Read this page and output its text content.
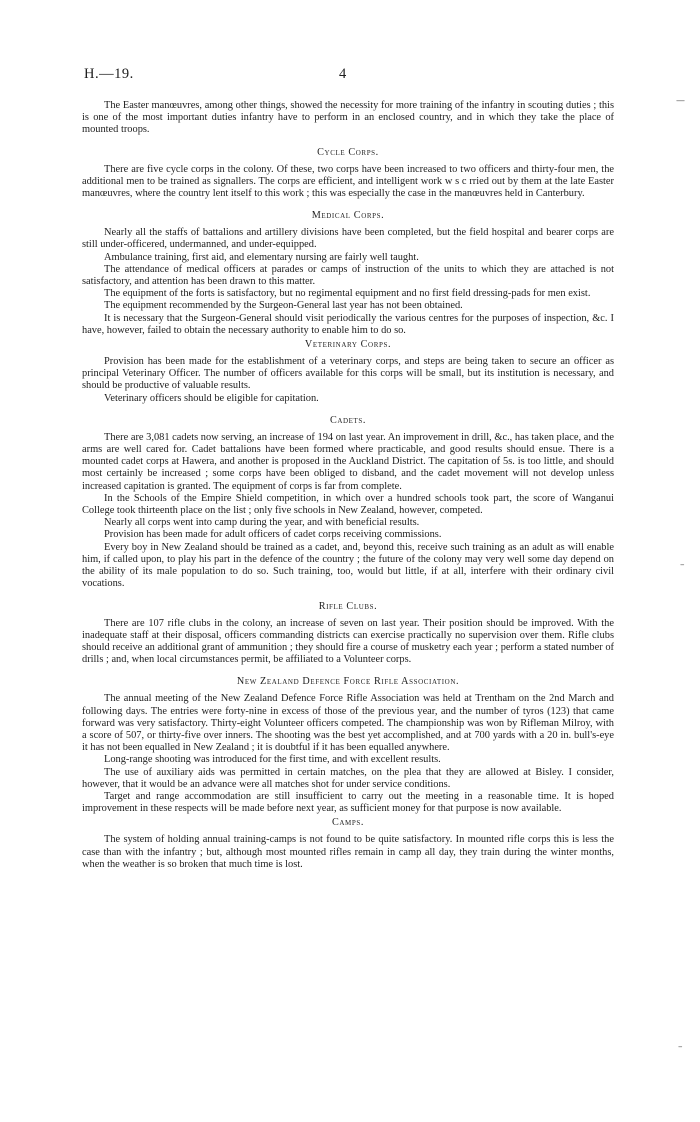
H.—19.	4

The Easter manœuvres, among other things, showed the necessity for more training of the infantry in scouting duties ; this is one of the most important duties infantry have to perform in an enclosed country, and in which they take the place of mounted troops.

Cycle Corps.

There are five cycle corps in the colony. Of these, two corps have been increased to two officers and thirty-four men, the additional men to be trained as signallers. The corps are efficient, and intelligent work w s c rried out by them at the late Easter manœuvres, where the country lent itself to this work ; this was especially the case in the manœuvres held in Canterbury.

Medical Corps.

Nearly all the staffs of battalions and artillery divisions have been completed, but the field hospital and bearer corps are still under-officered, undermanned, and under-equipped.

Ambulance training, first aid, and elementary nursing are fairly well taught.

The attendance of medical officers at parades or camps of instruction of the units to which they are attached is not satisfactory, and attention has been drawn to this matter.

The equipment of the forts is satisfactory, but no regimental equipment and no first field dressing-pads for men exist.

The equipment recommended by the Surgeon-General last year has not been obtained.

It is necessary that the Surgeon-General should visit periodically the various centres for the purposes of inspection, &c. I have, however, failed to obtain the necessary authority to enable him to do so.

Veterinary Corps.

Provision has been made for the establishment of a veterinary corps, and steps are being taken to secure an officer as principal Veterinary Officer. The number of officers available for this corps will be small, but its institution is necessary, and should be productive of valuable results.

Veterinary officers should be eligible for capitation.

Cadets.

There are 3,081 cadets now serving, an increase of 194 on last year. An improvement in drill, &c., has taken place, and the arms are well cared for. Cadet battalions have been formed where practicable, and good results should ensue. There is a mounted cadet corps at Hawera, and another is proposed in the Auckland District. The capitation of 5s. is too little, and should most certainly be increased ; some corps have been obliged to disband, and the cadet movement will not develop unless increased capitation is granted. The equipment of corps is far from complete.

In the Schools of the Empire Shield competition, in which over a hundred schools took part, the score of Wanganui College took thirteenth place on the list ; only five schools in New Zealand, however, competed.

Nearly all corps went into camp during the year, and with beneficial results.

Provision has been made for adult officers of cadet corps receiving commissions.

Every boy in New Zealand should be trained as a cadet, and, beyond this, receive such training as an adult as will enable him, if called upon, to play his part in the defence of the country ; the future of the colony may very well some day depend on the ability of its male population to do so. Such training, too, would but little, if at all, interfere with their ordinary civil vocations.

Rifle Clubs.

There are 107 rifle clubs in the colony, an increase of seven on last year. Their position should be improved. With the inadequate staff at their disposal, officers commanding districts can exercise practically no supervision over them. Rifle clubs should receive an additional grant of ammunition ; they should fire a course of musketry each year ; perform a stated number of drills ; and, when local circumstances permit, be affiliated to a Volunteer corps.

New Zealand Defence Force Rifle Association.

The annual meeting of the New Zealand Defence Force Rifle Association was held at Trentham on the 2nd March and following days. The entries were forty-nine in excess of those of the previous year, and the number of tyros (123) that came forward was very satisfactory. Thirty-eight Volunteer officers competed. The championship was won by Rifleman Milroy, with a score of 507, or thirty-five over inners. The shooting was the best yet accomplished, and at 700 yards with a 20 in. bull's-eye it has not been equalled in New Zealand ; it is doubtful if it has been equalled anywhere.

Long-range shooting was introduced for the first time, and with excellent results.

The use of auxiliary aids was permitted in certain matches, on the plea that they are allowed at Bisley. I consider, however, that it would be an advance were all matches shot for under service conditions.

Target and range accommodation are still insufficient to carry out the meeting in a reasonable time. It is hoped improvement in these respects will be made before next year, as sufficient money for that purpose is now available.

Camps.

The system of holding annual training-camps is not found to be quite satisfactory. In mounted rifle corps this is less the case than with the infantry ; but, although most mounted rifles remain in camp all day, they train during the winter months, when the weather is so broken that much time is lost.

—
–
–
